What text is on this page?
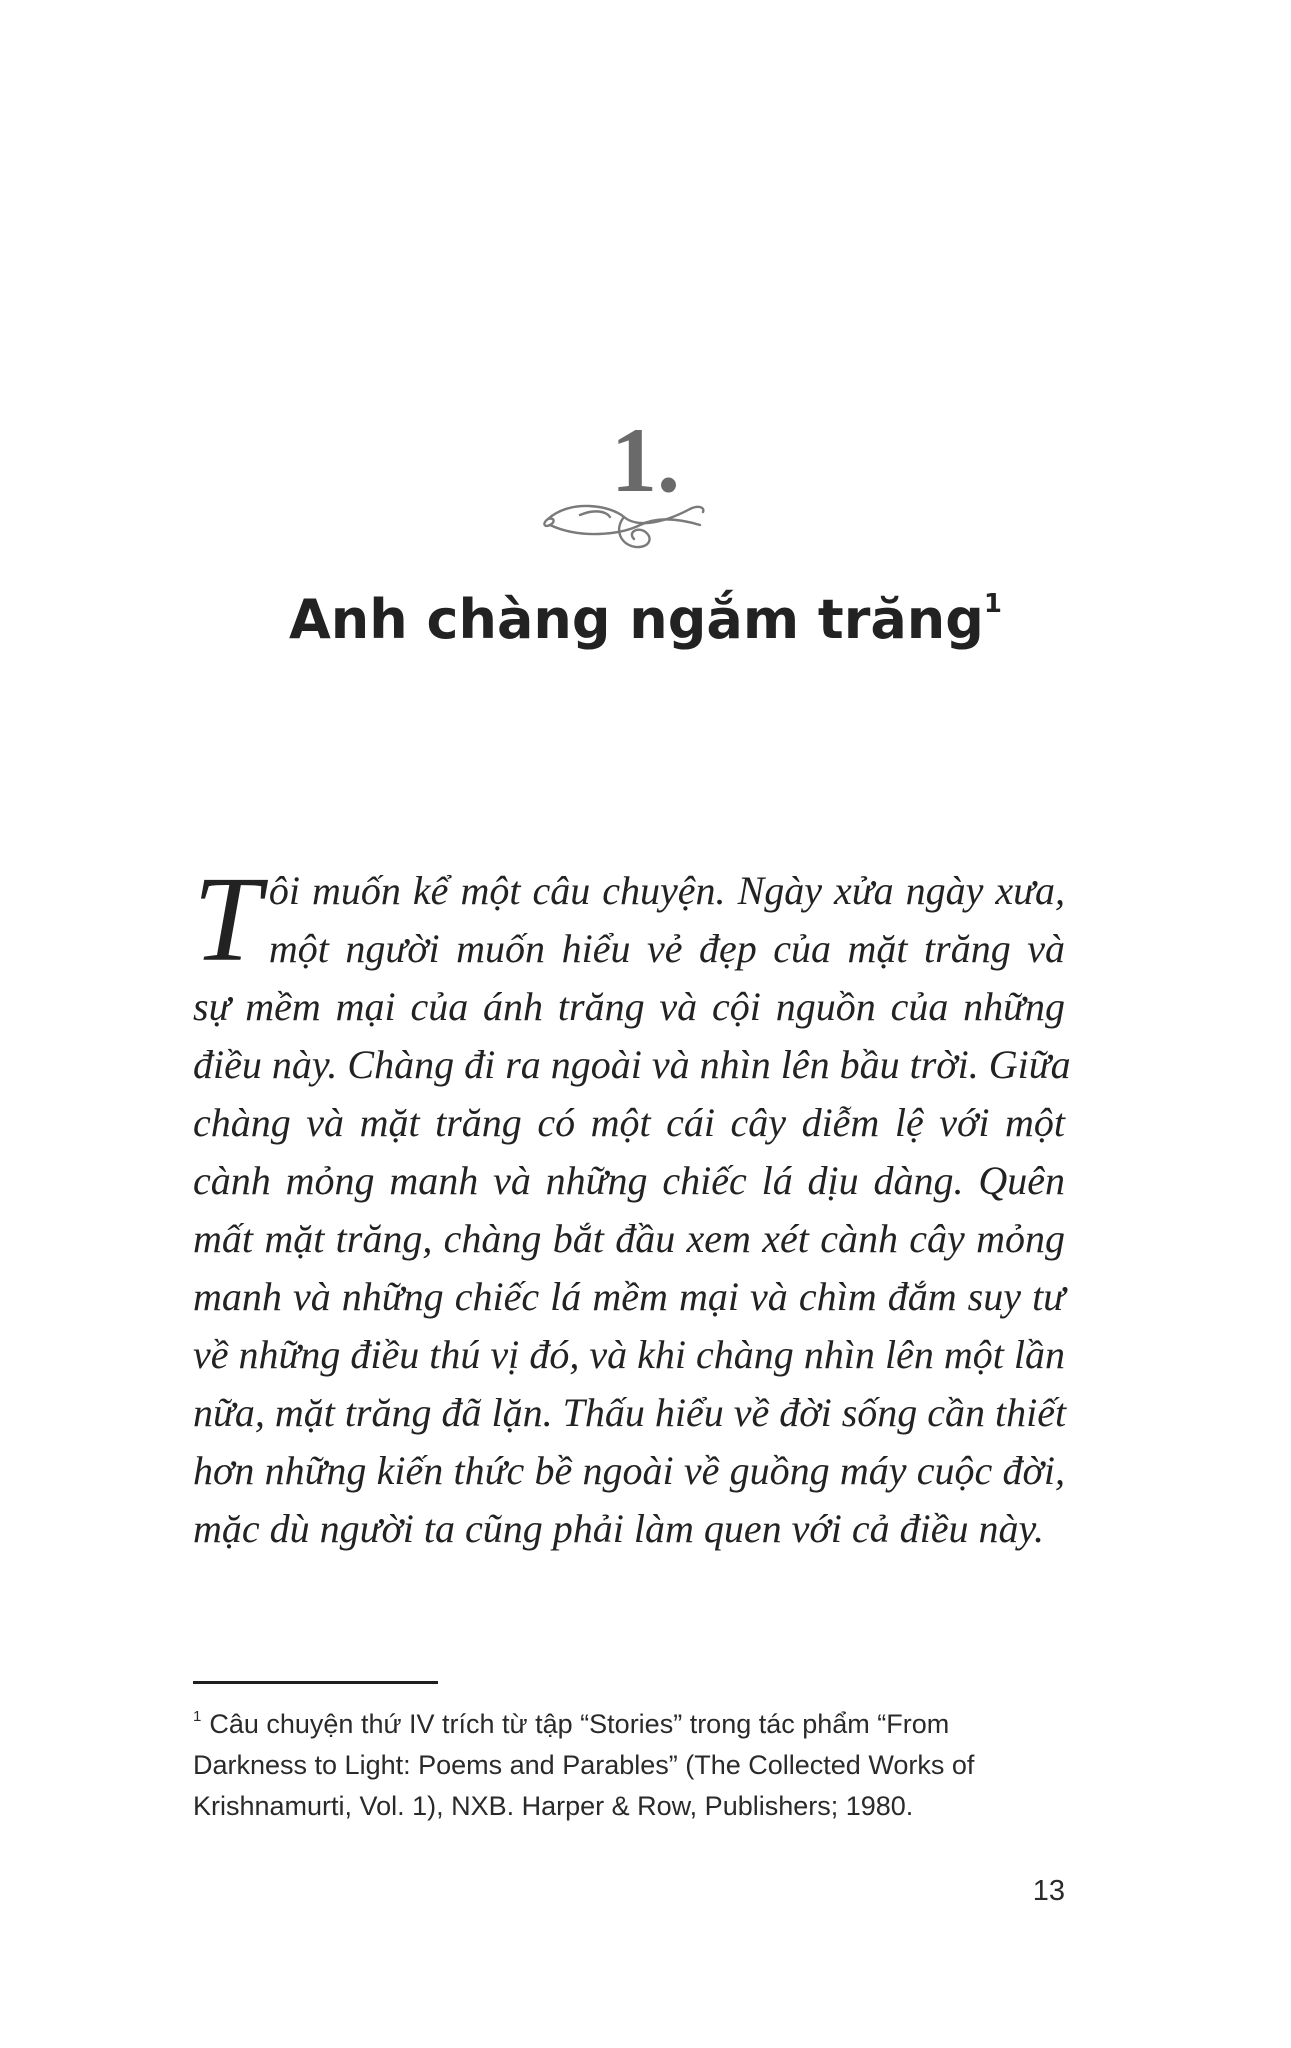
1.
Anh chàng ngắm trăng$^1$
T ôi muốn kể một câu chuyện. Ngày xửa ngày xưa,
một người muốn hiểu vẻ đẹp của mặt trăng và
sự mềm mại của ánh trăng và cội nguồn của những
điều này. Chàng đi ra ngoài và nhìn lên bầu trời. Giữa
chàng và mặt trăng có một cái cây diễm lệ với một
cành mỏng manh và những chiếc lá dịu dàng. Quên
mất mặt trăng, chàng bắt đầu xem xét cành cây mỏng
manh và những chiếc lá mềm mại và chìm đắm suy tư
về những điều thú vị đó, và khi chàng nhìn lên một lần
nữa, mặt trăng đã lặn. Thấu hiểu về đời sống cần thiết
hơn những kiến thức bề ngoài về guồng máy cuộc đời,
mặc dù người ta cũng phải làm quen với cả điều này.
$^1$ Câu chuyện thứ IV trích từ tập “Stories” trong tác phẩm “From Darkness to Light: Poems and Parables” (The Collected Works of Krishnamurti, Vol. 1), NXB. Harper & Row, Publishers; 1980.
13
